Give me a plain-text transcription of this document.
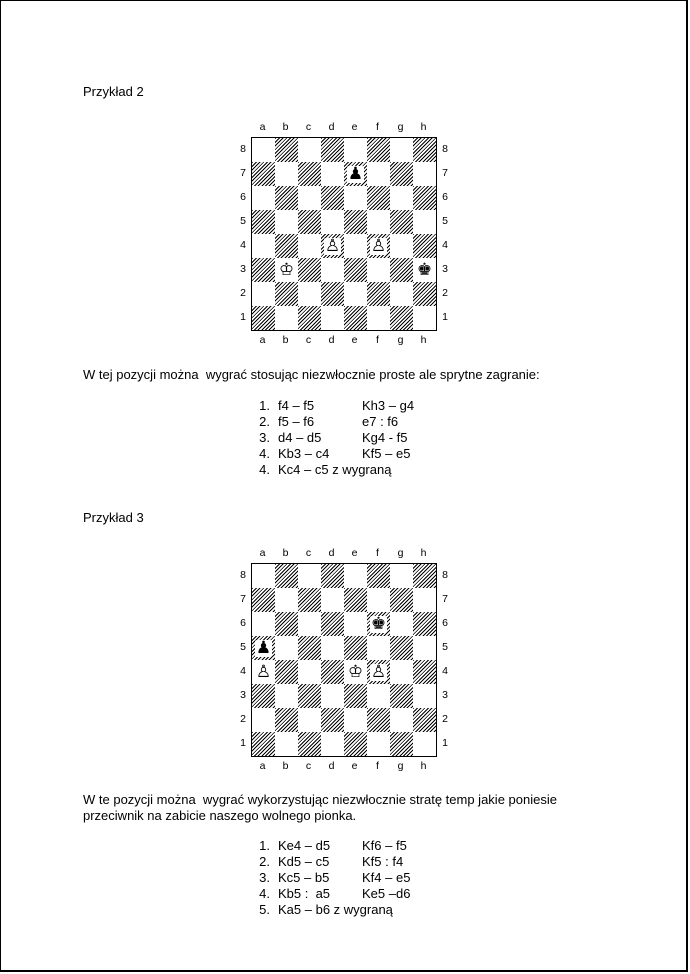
Przykład 2
a
a
b
b
c
c
d
d
e
e
f
f
g
g
h
h
8	8
7	7
6	6
5	5
4	4
3	3
2	2
1	1
♟
♙ ♙
♔	♚
W tej pozycji można  wygrać stosując niezwłocznie proste ale sprytne zagranie:
1. f4 – f5	Kh3 – g4
2. f5 – f6	e7 : f6
3. d4 – d5	Kg4 - f5
4. Kb3 – c4	Kf5 – e5
4. Kc4 – c5 z wygraną
Przykład 3
a
a
b
b
c
c
d
d
e
e
f
f
g
g
h
h
8	8
7	7
6	6
5	5
4	4
3	3
2	2
1	1
♚
♟
♙	♔ ♙
W te pozycji można  wygrać wykorzystując niezwłocznie stratę temp jakie poniesie
przeciwnik na zabicie naszego wolnego pionka.
1. Ke4 – d5	Kf6 – f5
2. Kd5 – c5	Kf5 : f4
3. Kc5 – b5	Kf4 – e5
4. Kb5 :  a5	Ke5 –d6
5. Ka5 – b6 z wygraną
